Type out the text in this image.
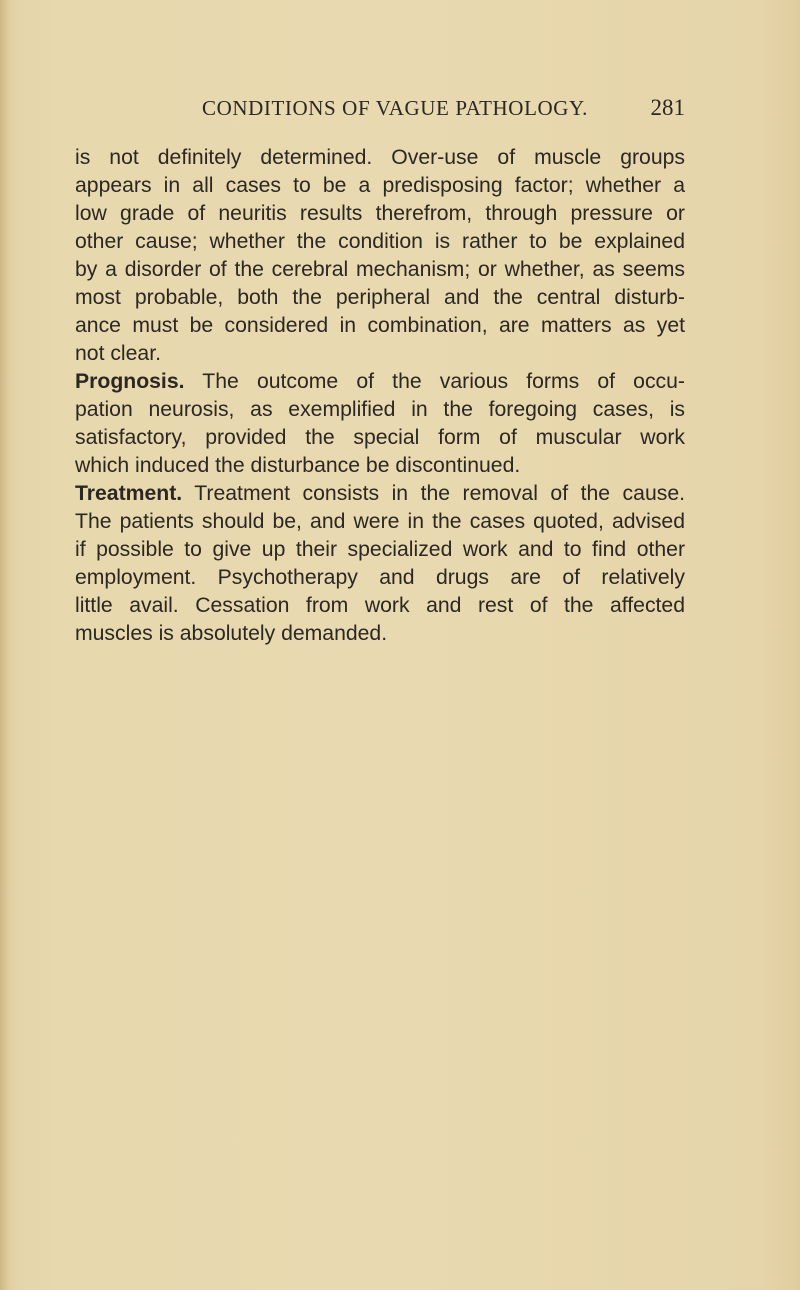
CONDITIONS OF VAGUE PATHOLOGY.	281
is not definitely determined. Over-use of muscle groups
appears in all cases to be a predisposing factor; whether a
low grade of neuritis results therefrom, through pressure or
other cause; whether the condition is rather to be explained
by a disorder of the cerebral mechanism; or whether, as seems
most probable, both the peripheral and the central disturb-
ance must be considered in combination, are matters as yet
not clear.
Prognosis. The outcome of the various forms of occu-
pation neurosis, as exemplified in the foregoing cases, is
satisfactory, provided the special form of muscular work
which induced the disturbance be discontinued.
Treatment. Treatment consists in the removal of the cause.
The patients should be, and were in the cases quoted, advised
if possible to give up their specialized work and to find other
employment. Psychotherapy and drugs are of relatively
little avail. Cessation from work and rest of the affected
muscles is absolutely demanded.
